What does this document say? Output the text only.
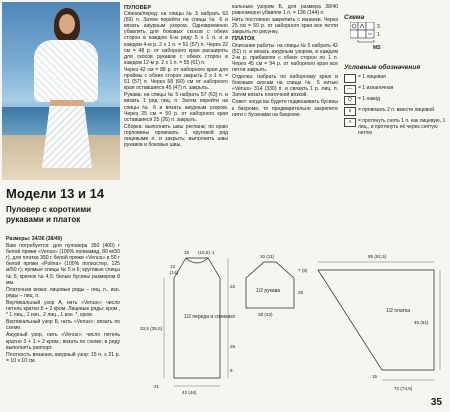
Модели 13 и 14
Пуловер с короткими рукавами и платок

Размеры: 34/36 (38/40)

Вам потребуется: для пуловера 350 (400) г белой пряжи «Venus» (100% полиамид, 80 м/50 г), для платка 350 г белой пряжи «Venus» и 50 г белой пряжи «Polina» (100% полиэстер, 125 м/50 г); прямые спицы № 5 и 6; круговые спицы № 5; крючок № 4,5; белые бусины размером 8 мм.

Платочная вязка: лицевые ряды – лиц. п., изн. ряды – лиц. п.

Вертикальный узор А, нить «Venus»: число петель кратно 5 + 2 кром. Лицевые ряды: кром., * 1 лиц., 1 изн., 2 лиц., 1 изн. *, кром.

Вертикальный узор Б, нить «Venus»: вязать по схеме.

Ажурный узор, нить «Venus»: число петель кратно 3 + 1 + 2 кром.; вязать по схеме; в ряду выполнять раппорт.

Плотность вязания, ажурный узор: 15 п. х 21 р. = 10 х 10 см.

ПУЛОВЕР

Спинка/перед: на спицы № 5 набрать 63 (69) п. Затем перейти на спицы № 6 и вязать ажурным узором. Одновременно убавлять для боковых скосов с обеих сторон в каждом 6-м ряду 5 х 1 п. и в каждом 4-м р. 2 х 1 п. = 51 (57) п. Через 22 см = 48 р. от наборного края расширять для скосов рукавов с обеих сторон в каждом 12-м р. 2 х 1 п. = 55 (61) п.

Через 42 см = 88 р. от наборного края для проймы с обеих сторон закрыть 2 х 1 п. = 51 (57) п. Через 58 (60) см от наборного края оставшиеся 45 (47) п. закрыть.

Рукава: на спицы № 5 набрать 57 (63) п. и вязать 1 ряд лиц. п. Затем перейти на спицы № 6 и вязать ажурным узором. Через 25 см = 50 р. от наборного края оставшиеся 25 (26) п. закрыть.

Сборка: выполнить швы реглана; по краю горловины провязать 1 круговой ряд лицевыми п. и закрыть; выполнить швы рукавов и боковые швы.

кальным узором Б, для размера 38/40 равномерно убавляя 1 п. = 136 (144) п.

Нить постоянно закрепить с изнанки. Через 25 см = 50 р. от наборного края все петли закрыть по рисунку.

ПЛАТОК

Описание работы: на спицы № 5 набрать 42 (51) п. и вязать ажурным узором, в каждом 2-м р. прибавляя с обеих сторон по 1 п. Через 45 см = 94 р. от наборного края все петли закрыть.

Отделка: набрать по наборному краю и боковым скосам на спицы № 5 нитью «Venus» 314 (330) п. и связать 1 р. лиц. п. Затем вязать платочной вязкой.

Совет: когда вы будете подвешивать бусины к бахроме, то предварительно закрепите нити с бусинами на бахроме.

Схема
3
1
MS
Условные обозначения
= 1 лицевая
—	= 1 изнаночная
O	= 1 накид
∧	= провязать 2 п. вместе лицевой
⋏	= протянуть снять 1 п. как лицевую, 1 лиц., и протянуть её через снятую петлю
1/2 переда и спинки
15 (15,5) 1
13
(14)
42 (46)
33,5 (35,5)
22
20
26
8
21
1/2 рукава
28 (33)
25
10 (11)
7 (8)
1/2 платка
85 (91,5)
45 (51)
72 (74,5)
15
35
